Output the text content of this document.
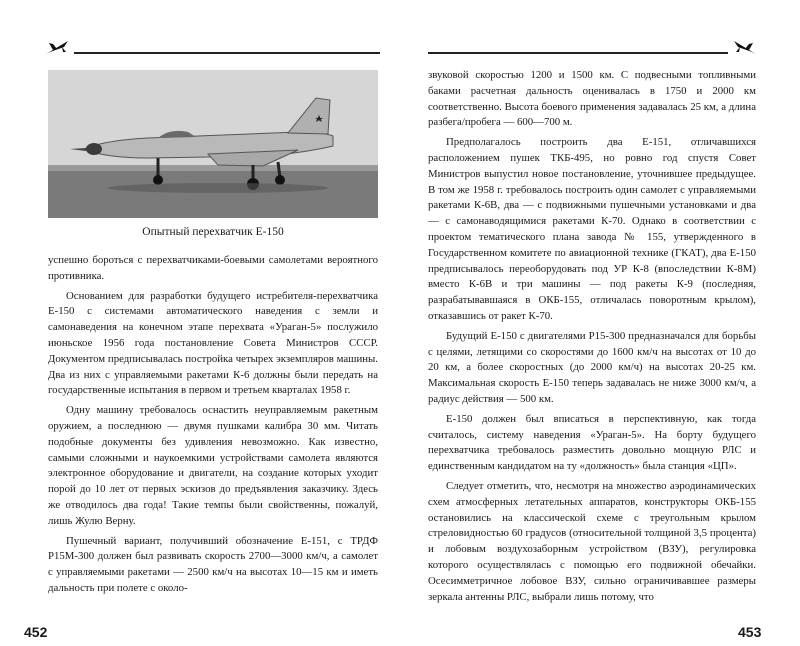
Опытный перехватчик Е-150

успешно бороться с перехватчиками-боевыми самолетами вероятного противника.

Основанием для разработки будущего истребителя-перехватчика Е-150 с системами автоматического наведения с земли и самонаведения на конечном этапе перехвата «Ураган-5» послужило июньское 1956 года постановление Совета Министров СССР. Документом предписывалась постройка четырех экземпляров машины. Два из них с управляемыми ракетами К-6 должны были передать на государственные испытания в первом и третьем кварталах 1958 г.

Одну машину требовалось оснастить неуправляемым ракетным оружием, а последнюю — двумя пушками калибра 30 мм. Читать подобные документы без удивления невозможно. Как известно, самыми сложными и наукоемкими устройствами самолета являются электронное оборудование и двигатели, на создание которых уходит порой до 10 лет от первых эскизов до предъявления заказчику. Здесь же отводилось два года! Такие темпы были свойственны, пожалуй, лишь Жулю Верну.

Пушечный вариант, получивший обозначение Е-151, с ТРДФ Р15М-300 должен был развивать скорость 2700—3000 км/ч, а самолет с управляемыми ракетами — 2500 км/ч на высотах 10—15 км и иметь дальность при полете с около-

452

звуковой скоростью 1200 и 1500 км. С подвесными топливными баками расчетная дальность оценивалась в 1750 и 2000 км соответственно. Высота боевого применения задавалась 25 км, а длина разбега/пробега — 600—700 м.

Предполагалось построить два Е-151, отличавшихся расположением пушек ТКБ-495, но ровно год спустя Совет Министров выпустил новое постановление, уточнившее предыдущее. В том же 1958 г. требовалось построить один самолет с управляемыми ракетами К-6В, два — с подвижными пушечными установками и два — с самонаводящимися ракетами К-70. Однако в соответствии с проектом тематического плана завода № 155, утвержденного в Государственном комитете по авиационной технике (ГКАТ), два Е-150 предписывалось переоборудовать под УР К-8 (впоследствии К-8М) вместо К-6В и три машины — под ракеты К-9 (последняя, разрабатывавшаяся в ОКБ-155, отличалась поворотным крылом), отказавшись от ракет К-70.

Будущий Е-150 с двигателями Р15-300 предназначался для борьбы с целями, летящими со скоростями до 1600 км/ч на высотах от 10 до 20 км, а более скоростных (до 2000 км/ч) на высотах 20-25 км. Максимальная скорость Е-150 теперь задавалась не ниже 3000 км/ч, а радиус действия — 500 км.

Е-150 должен был вписаться в перспективную, как тогда считалось, систему наведения «Ураган-5». На борту будущего перехватчика требовалось разместить довольно мощную РЛС и единственным кандидатом на ту «должность» была станция «ЦП».

Следует отметить, что, несмотря на множество аэродинамических схем атмосферных летательных аппаратов, конструкторы ОКБ-155 остановились на классической схеме с треугольным крылом стреловидностью 60 градусов (относительной толщиной 3,5 процента) и лобовым воздухозаборным устройством (ВЗУ), регулировка которого осуществлялась с помощью его подвижной обечайки. Осесимметричное лобовое ВЗУ, сильно ограничивавшее размеры зеркала антенны РЛС, выбрали лишь потому, что

453
